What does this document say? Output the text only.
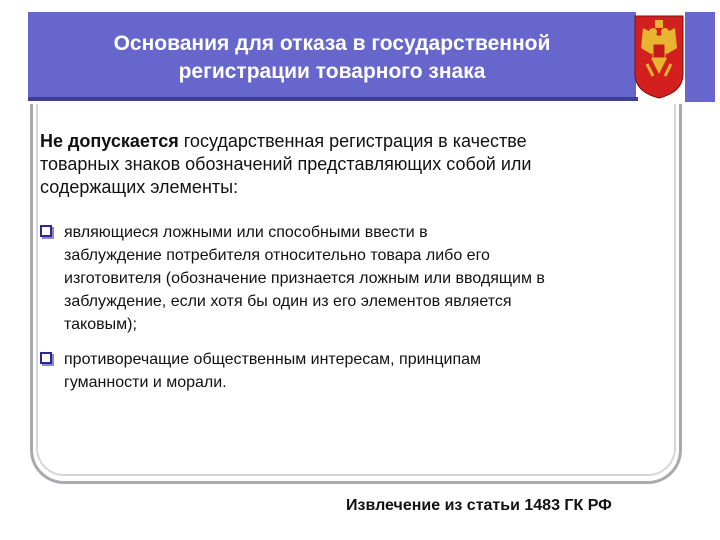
Основания для отказа в государственной
регистрации товарного знака
Не допускается государственная регистрация в качестве
товарных знаков обозначений представляющих собой или
содержащих элементы:
являющиеся ложными или способными ввести в
заблуждение потребителя относительно товара либо его
изготовителя (обозначение признается ложным или вводящим в
заблуждение, если хотя бы один из его элементов является
таковым);
противоречащие общественным интересам, принципам
гуманности и морали.
Извлечение из статьи 1483 ГК РФ
